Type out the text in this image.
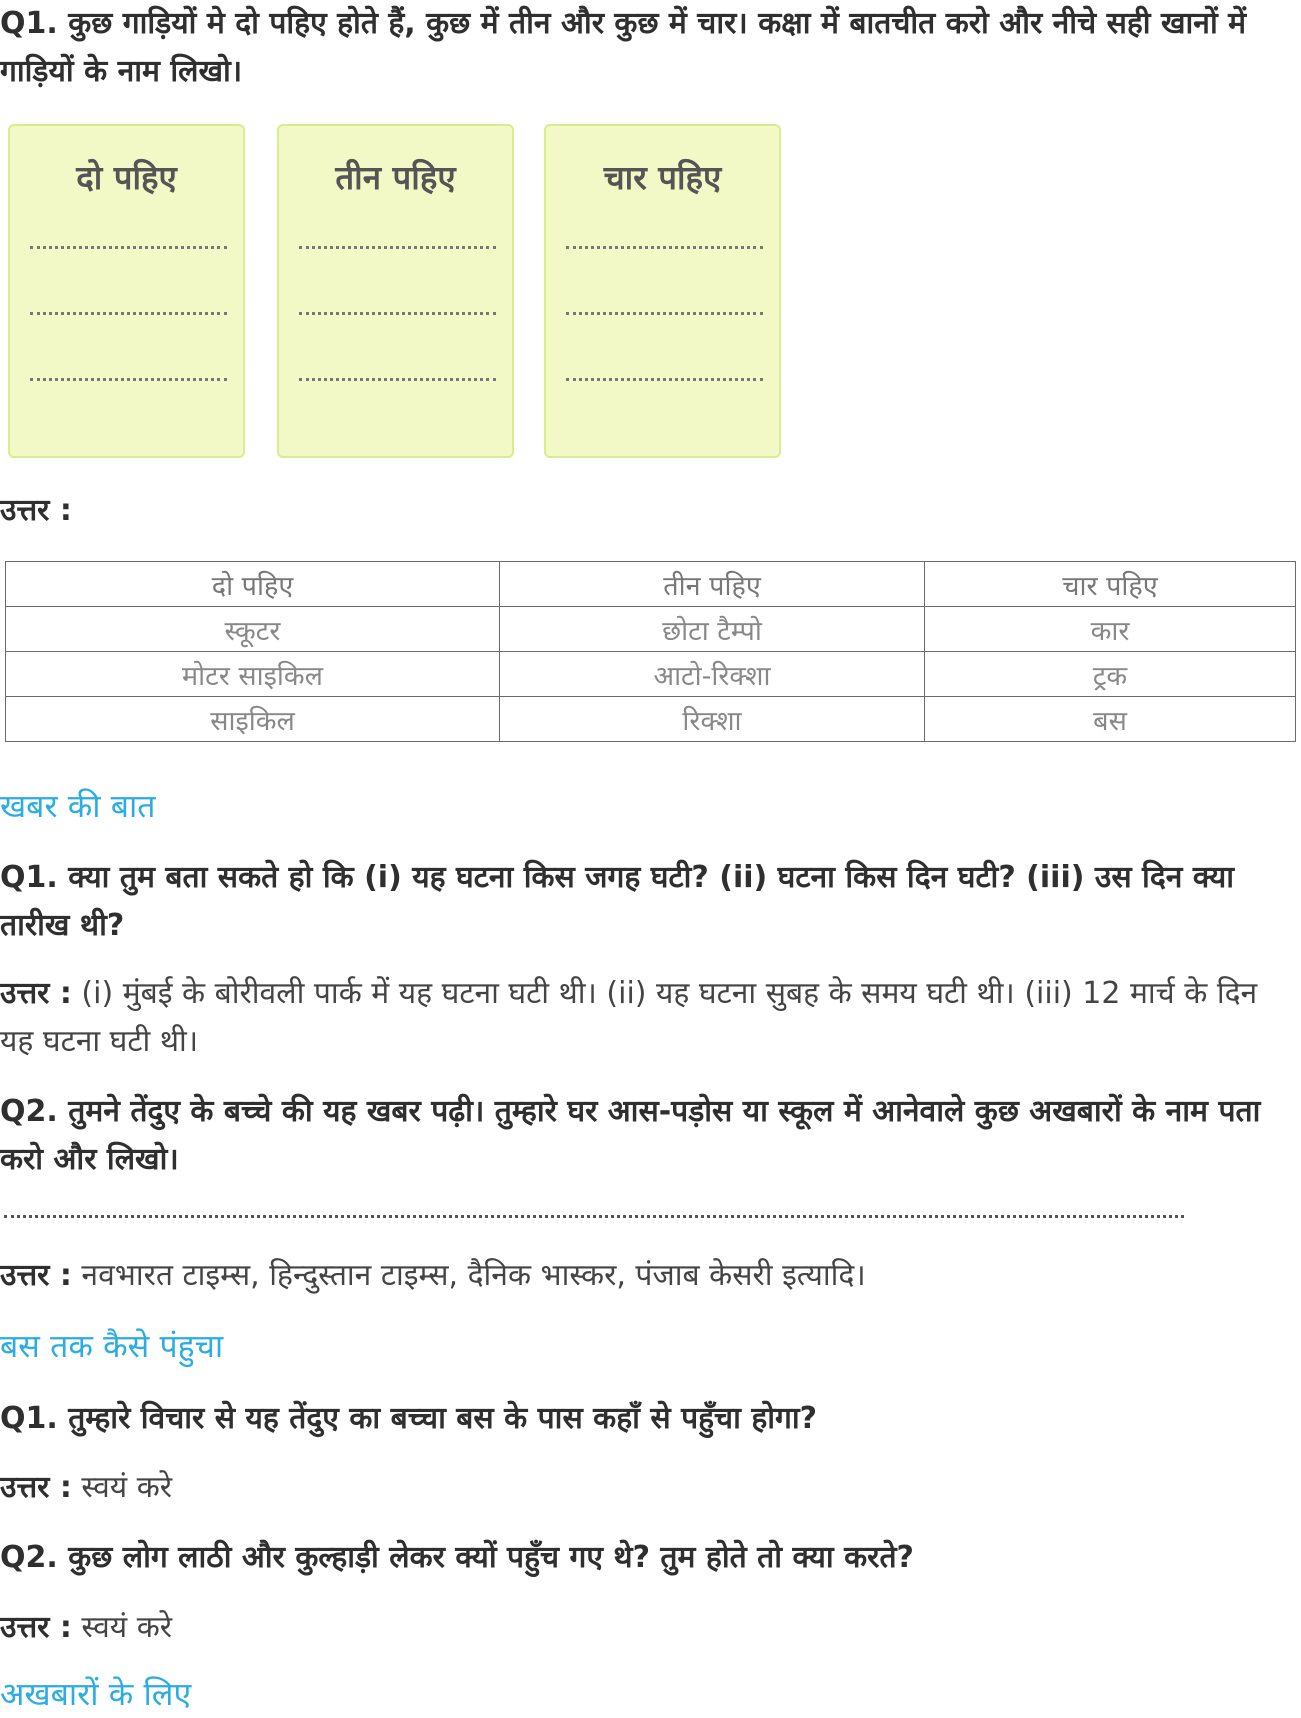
Q1. कुछ गाड़ियों मे दो पहिए होते हैं, कुछ में तीन और कुछ में चार। कक्षा में बातचीत करो और नीचे सही खानों में गाड़ियों के नाम लिखो।

दो पहिए	तीन पहिए	चार पहिए

उत्तर :

दो पहिए	तीन पहिए	चार पहिए
स्कूटर	छोटा टैम्पो	कार
मोटर साइकिल	आटो-रिक्शा	ट्रक
साइकिल	रिक्शा	बस

खबर की बात

Q1. क्या तुम बता सकते हो कि (i) यह घटना किस जगह घटी? (ii) घटना किस दिन घटी? (iii) उस दिन क्या तारीख थी?

उत्तर : (i) मुंबई के बोरीवली पार्क में यह घटना घटी थी। (ii) यह घटना सुबह के समय घटी थी। (iii) 12 मार्च के दिन यह घटना घटी थी।

Q2. तुमने तेंदुए के बच्चे की यह खबर पढ़ी। तुम्हारे घर आस-पड़ोस या स्कूल में आनेवाले कुछ अखबारों के नाम पता करो और लिखो।

उत्तर : नवभारत टाइम्स, हिन्दुस्तान टाइम्स, दैनिक भास्कर, पंजाब केसरी इत्यादि।

बस तक कैसे पंहुचा

Q1. तुम्हारे विचार से यह तेंदुए का बच्चा बस के पास कहाँ से पहुँचा होगा?

उत्तर : स्वयं करे

Q2. कुछ लोग लाठी और कुल्हाड़ी लेकर क्यों पहुँच गए थे? तुम होते तो क्या करते?

उत्तर : स्वयं करे

अखबारों के लिए
